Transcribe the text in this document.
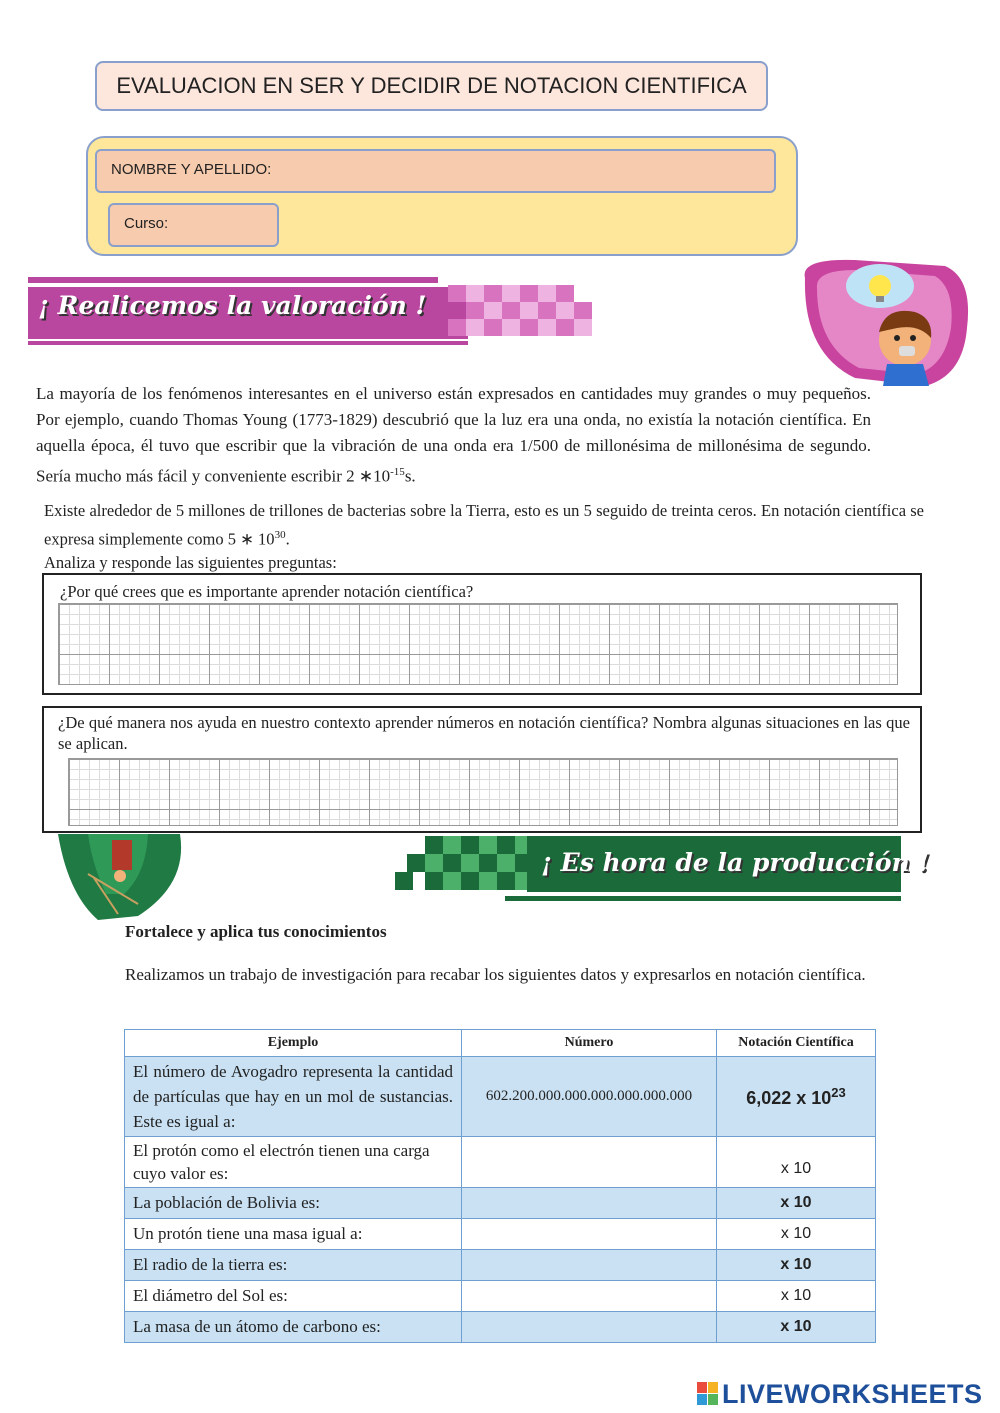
EVALUACION EN SER Y DECIDIR DE NOTACION CIENTIFICA
NOMBRE Y APELLIDO:
Curso:
¡ Realicemos la valoración !
La mayoría de los fenómenos interesantes en el universo están expresados en cantidades muy grandes o muy pequeños. Por ejemplo, cuando Thomas Young (1773-1829) descubrió que la luz era una onda, no existía la notación científica. En aquella época, él tuvo que escribir que la vibración de una onda era 1/500 de millonésima de millonésima de segundo. Sería mucho más fácil y conveniente escribir 2 $∗10^{-15}s$.
Existe alrededor de 5 millones de trillones de bacterias sobre la Tierra, esto es un 5 seguido de treinta ceros. En notación científica se expresa simplemente como 5 ∗ $10^{30}$.
Analiza y responde las siguientes preguntas:
¿Por qué crees que es importante aprender notación científica?
¿De qué manera nos ayuda en nuestro contexto aprender números en notación científica? Nombra algunas situaciones en las que se aplican.
¡ Es hora de la producción !
Fortalece y aplica tus conocimientos
Realizamos un trabajo de investigación para recabar los siguientes datos y expresarlos en notación científica.
Ejemplo	Número	Notación Científica
El número de Avogadro representa la cantidad de partículas que hay en un mol de sustancias. Este es igual a:	602.200.000.000.000.000.000.000	6,022 x $10^{23}$
El protón como el electrón tienen una carga cuyo valor es:		x 10
La población de Bolivia es:		x 10
Un protón tiene una masa igual a:		x 10
El radio de la tierra es:		x 10
El diámetro del Sol es:		x 10
La masa de un átomo de carbono es:		x 10
LIVEWORKSHEETS
